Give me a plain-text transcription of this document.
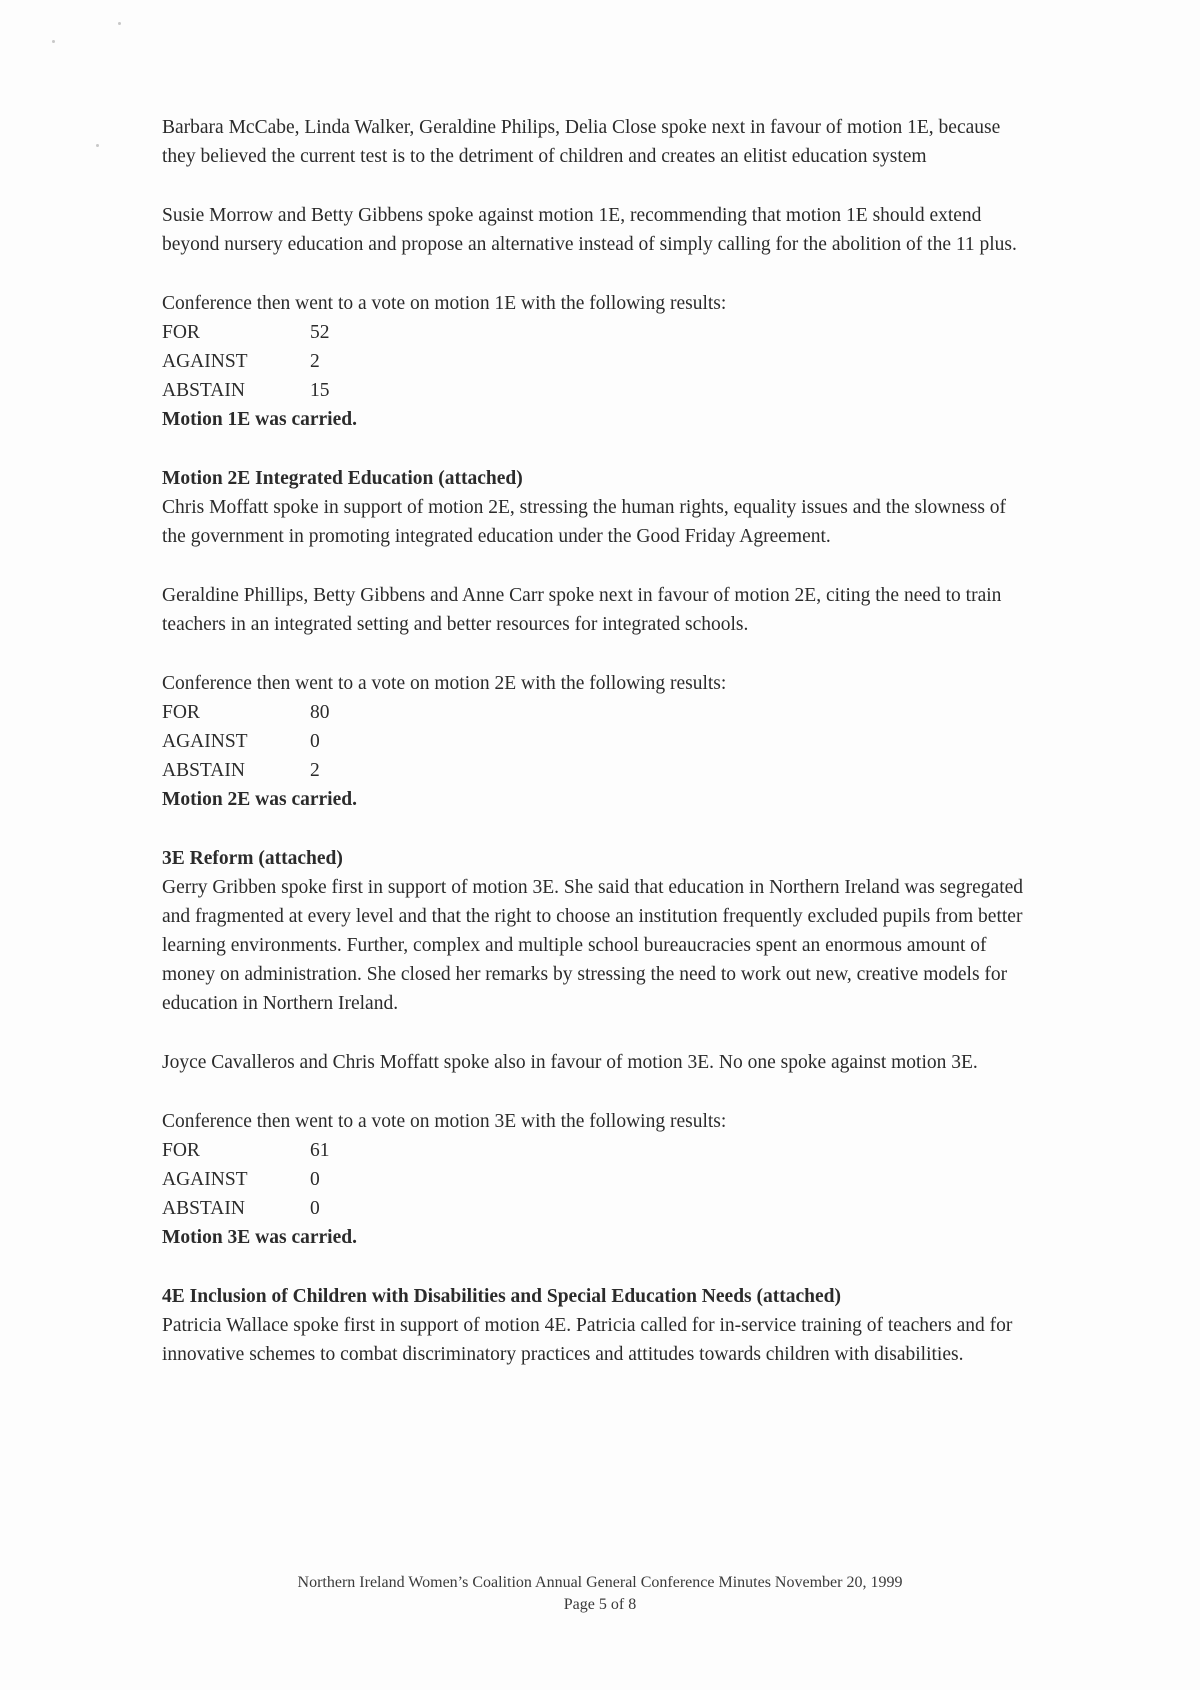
Barbara McCabe, Linda Walker, Geraldine Philips, Delia Close spoke next in favour of motion 1E, because they believed the current test is to the detriment of children and creates an elitist education system

Susie Morrow and Betty Gibbens spoke against motion 1E, recommending that motion 1E should extend beyond nursery education and propose an alternative instead of simply calling for the abolition of the 11 plus.

Conference then went to a vote on motion 1E with the following results:

FOR	52
AGAINST	2
ABSTAIN	15

Motion 1E was carried.

Motion 2E Integrated Education (attached)

Chris Moffatt spoke in support of motion 2E, stressing the human rights, equality issues and the slowness of the government in promoting integrated education under the Good Friday Agreement.

Geraldine Phillips, Betty Gibbens and Anne Carr spoke next in favour of motion 2E, citing the need to train teachers in an integrated setting and better resources for integrated schools.

Conference then went to a vote on motion 2E with the following results:

FOR	80
AGAINST	0
ABSTAIN	2

Motion 2E was carried.

3E Reform (attached)

Gerry Gribben spoke first in support of motion 3E. She said that education in Northern Ireland was segregated and fragmented at every level and that the right to choose an institution frequently excluded pupils from better learning environments. Further, complex and multiple school bureaucracies spent an enormous amount of money on administration. She closed her remarks by stressing the need to work out new, creative models for education in Northern Ireland.

Joyce Cavalleros and Chris Moffatt spoke also in favour of motion 3E. No one spoke against motion 3E.

Conference then went to a vote on motion 3E with the following results:

FOR	61
AGAINST	0
ABSTAIN	0

Motion 3E was carried.

4E Inclusion of Children with Disabilities and Special Education Needs (attached)

Patricia Wallace spoke first in support of motion 4E. Patricia called for in-service training of teachers and for innovative schemes to combat discriminatory practices and attitudes towards children with disabilities.

Northern Ireland Women’s Coalition Annual General Conference Minutes November 20, 1999
Page 5 of 8
